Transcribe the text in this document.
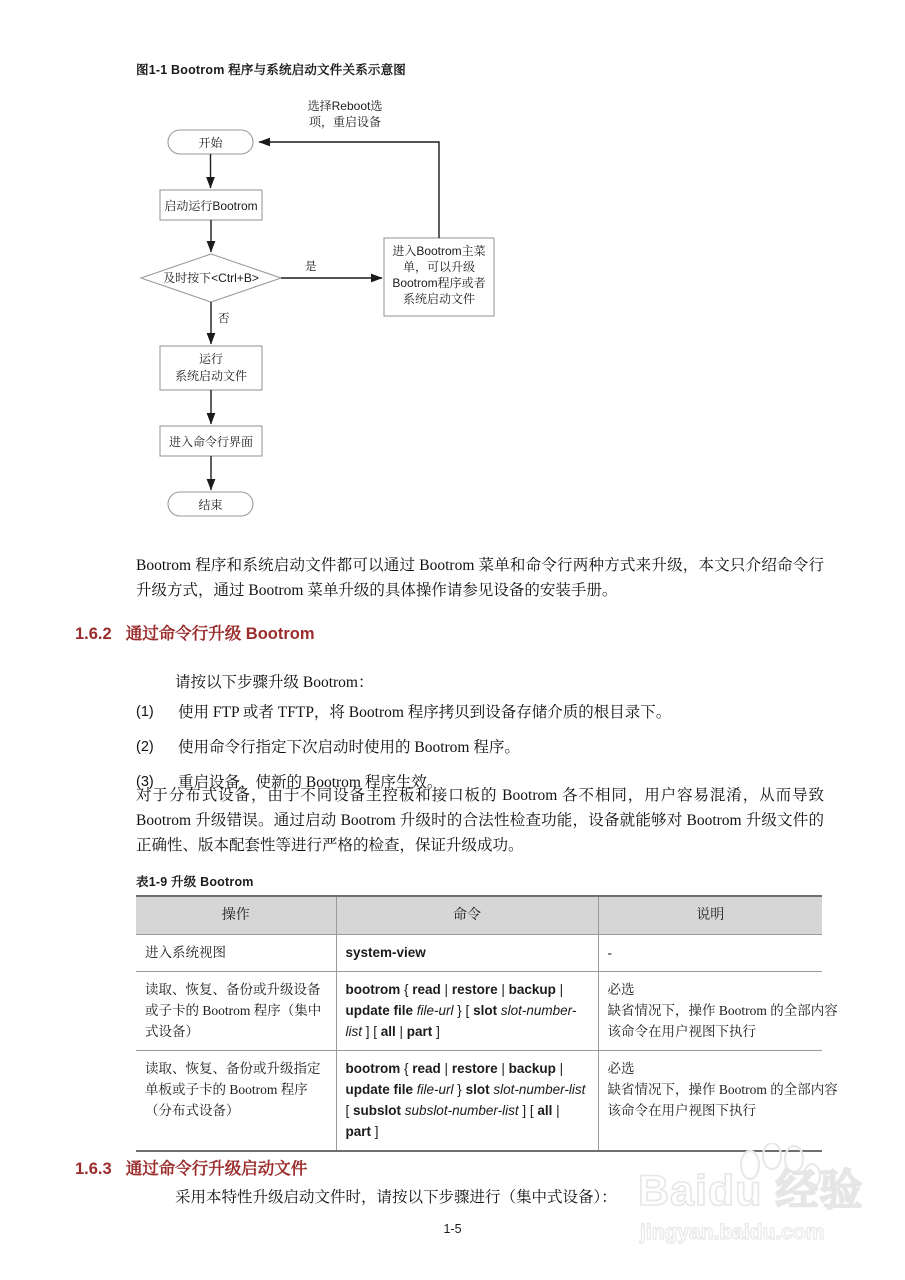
图1-1 Bootrom 程序与系统启动文件关系示意图
开始
启动运行Bootrom
及时按下<Ctrl+B>
是
否
进入Bootrom主菜
单，可以升级
Bootrom程序或者
系统启动文件
选择Reboot选
项，重启设备
运行
系统启动文件
进入命令行界面
结束
Bootrom 程序和系统启动文件都可以通过 Bootrom 菜单和命令行两种方式来升级，本文只介绍命令行升级方式，通过 Bootrom 菜单升级的具体操作请参见设备的安装手册。
1.6.2 通过命令行升级 Bootrom
请按以下步骤升级 Bootrom：
(1)	使用 FTP 或者 TFTP，将 Bootrom 程序拷贝到设备存储介质的根目录下。
(2)	使用命令行指定下次启动时使用的 Bootrom 程序。
(3)	重启设备，使新的 Bootrom 程序生效。
对于分布式设备，由于不同设备主控板和接口板的 Bootrom 各不相同，用户容易混淆，从而导致 Bootrom 升级错误。通过启动 Bootrom 升级时的合法性检查功能，设备就能够对 Bootrom 升级文件的正确性、版本配套性等进行严格的检查，保证升级成功。
表1-9 升级 Bootrom
操作	命令	说明
进入系统视图	system-view	-

读取、恢复、备份或升级设备或子卡的 Bootrom 程序（集中式设备）	bootrom { read | restore | backup | update file file-url } [ slot slot-number-list ] [ all | part ]	必选
缺省情况下，操作 Bootrom 的全部内容
该命令在用户视图下执行

读取、恢复、备份或升级指定单板或子卡的 Bootrom 程序（分布式设备）	bootrom { read | restore | backup | update file file-url } slot slot-number-list [ subslot subslot-number-list ] [ all | part ]	必选
缺省情况下，操作 Bootrom 的全部内容
该命令在用户视图下执行
1.6.3 通过命令行升级启动文件
采用本特性升级启动文件时，请按以下步骤进行（集中式设备）：
1-5
Baidu 经验
jingyan.baidu.com
